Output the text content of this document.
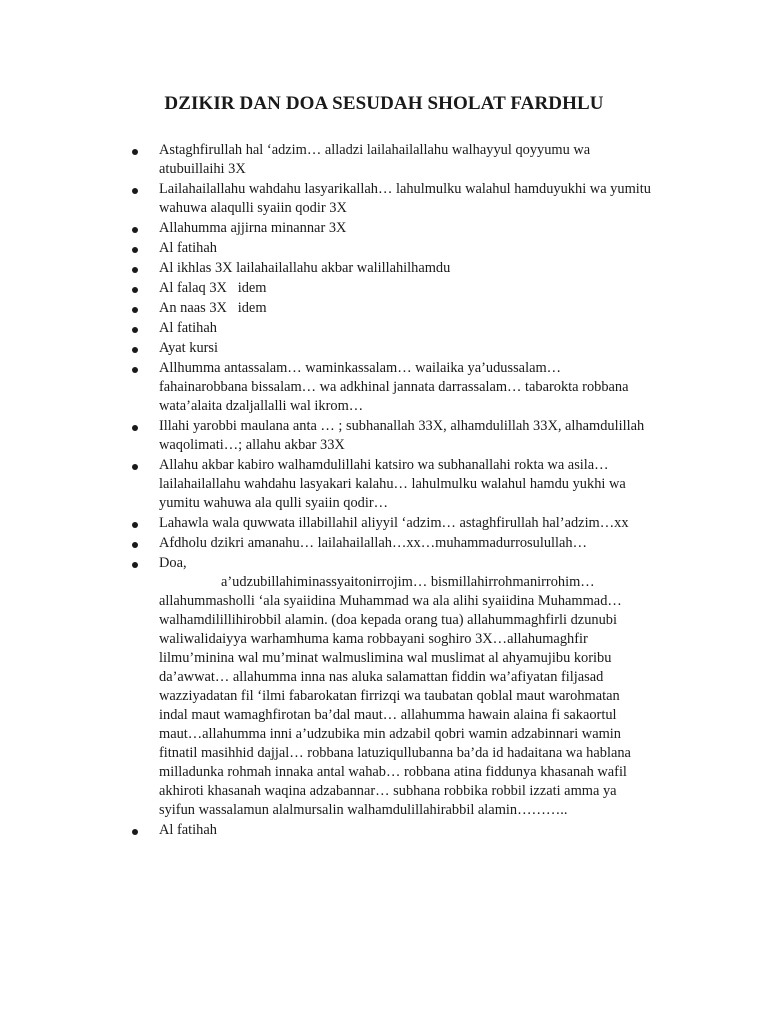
DZIKIR DAN DOA SESUDAH SHOLAT FARDHLU
Astaghfirullah hal ‘adzim… alladzi lailahailallahu walhayyul qoyyumu wa atubuillaihi 3X
Lailahailallahu wahdahu lasyarikallah… lahulmulku walahul hamduyukhi wa yumitu wahuwa alaqulli syaiin qodir 3X
Allahumma ajjirna minannar 3X
Al fatihah
Al ikhlas 3X lailahailallahu akbar walillahilhamdu
Al falaq 3X   idem
An naas 3X   idem
Al fatihah
Ayat kursi
Allhumma antassalam… waminkassalam… wailaika ya’udussalam… fahainarobbana bissalam… wa adkhinal jannata darrassalam… tabarokta robbana wata’alaita dzaljallalli wal ikrom…
Illahi yarobbi maulana anta … ; subhanallah 33X, alhamdulillah 33X, alhamdulillah waqolimati…; allahu akbar 33X
Allahu akbar kabiro walhamdulillahi katsiro wa subhanallahi rokta wa asila… lailahailallahu wahdahu lasyakari kalahu… lahulmulku walahul hamdu yukhi wa yumitu wahuwa ala qulli syaiin qodir…
Lahawla wala quwwata illabillahil aliyyil ‘adzim… astaghfirullah hal’adzim…xx
Afdholu dzikri amanahu… lailahailallah…xx…muhammadurrosulullah…
Doa,
a’udzubillahiminassyaitonirrojim… bismillahirrohmanirrohim… allahummasholli ‘ala syaiidina Muhammad wa ala alihi syaiidina Muhammad… walhamdilillihirobbil alamin. (doa kepada orang tua) allahummaghfirli dzunubi waliwalidaiyya warhamhuma kama robbayani soghiro 3X…allahumaghfir lilmu’minina wal mu’minat walmuslimina wal muslimat al ahyamujibu koribu da’awwat… allahumma inna nas aluka salamattan fiddin wa’afiyatan filjasad wazziyadatan fil ‘ilmi fabarokatan firrizqi wa taubatan qoblal maut warohmatan indal maut wamaghfirotan ba’dal maut… allahumma hawain alaina fi sakaortul maut…allahumma inni a’udzubika min adzabil qobri wamin adzabinnari wamin fitnatil masihhid dajjal… robbana latuziqullubanna ba’da id hadaitana wa hablana milladunka rohmah innaka antal wahab… robbana atina fiddunya khasanah wafil akhiroti khasanah waqina adzabannar… subhana robbika robbil izzati amma ya syifun wassalamun alalmursalin walhamdulillahirabbil alamin………..
Al fatihah
